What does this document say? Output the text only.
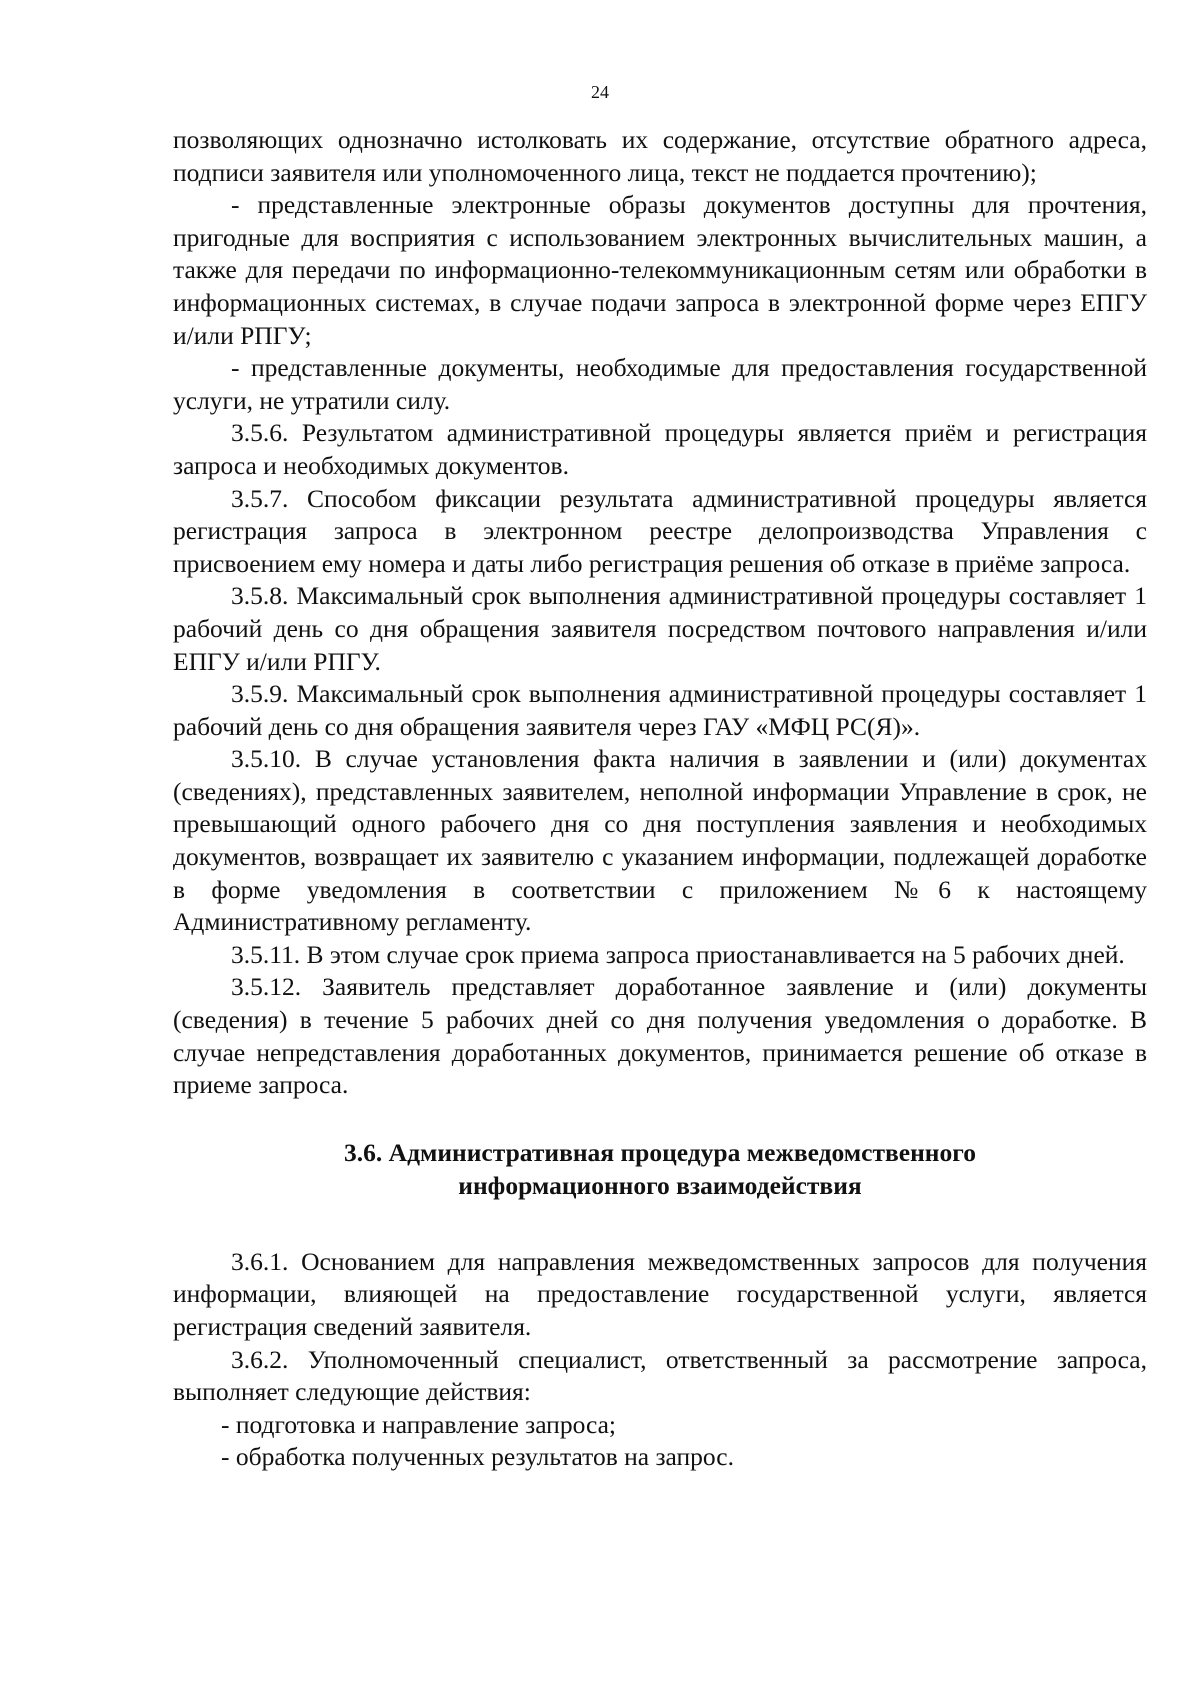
24

позволяющих однозначно истолковать их содержание, отсутствие обратного адреса, подписи заявителя или уполномоченного лица, текст не поддается прочтению);

- представленные электронные образы документов доступны для прочтения, пригодные для восприятия с использованием электронных вычислительных машин, а также для передачи по информационно-телекоммуникационным сетям или обработки в информационных системах, в случае подачи запроса в электронной форме через ЕПГУ и/или РПГУ;

- представленные документы, необходимые для предоставления государственной услуги, не утратили силу.

3.5.6. Результатом административной процедуры является приём и регистрация запроса и необходимых документов.

3.5.7. Способом фиксации результата административной процедуры является регистрация запроса в электронном реестре делопроизводства Управления с присвоением ему номера и даты либо регистрация решения об отказе в приёме запроса.

3.5.8. Максимальный срок выполнения административной процедуры составляет 1 рабочий день со дня обращения заявителя посредством почтового направления и/или ЕПГУ и/или РПГУ.

3.5.9. Максимальный срок выполнения административной процедуры составляет 1 рабочий день со дня обращения заявителя через ГАУ «МФЦ РС(Я)».

3.5.10. В случае установления факта наличия в заявлении и (или) документах (сведениях), представленных заявителем, неполной информации Управление в срок, не превышающий одного рабочего дня со дня поступления заявления и необходимых документов, возвращает их заявителю с указанием информации, подлежащей доработке в форме уведомления в соответствии с приложением №6 к настоящему Административному регламенту.

3.5.11. В этом случае срок приема запроса приостанавливается на 5 рабочих дней.

3.5.12. Заявитель представляет доработанное заявление и (или) документы (сведения) в течение 5 рабочих дней со дня получения уведомления о доработке. В случае непредставления доработанных документов, принимается решение об отказе в приеме запроса.

3.6. Административная процедура межведомственного
информационного взаимодействия

3.6.1. Основанием для направления межведомственных запросов для получения информации, влияющей на предоставление государственной услуги, является регистрация сведений заявителя.

3.6.2. Уполномоченный специалист, ответственный за рассмотрение запроса, выполняет следующие действия:

- подготовка и направление запроса;

- обработка полученных результатов на запрос.
